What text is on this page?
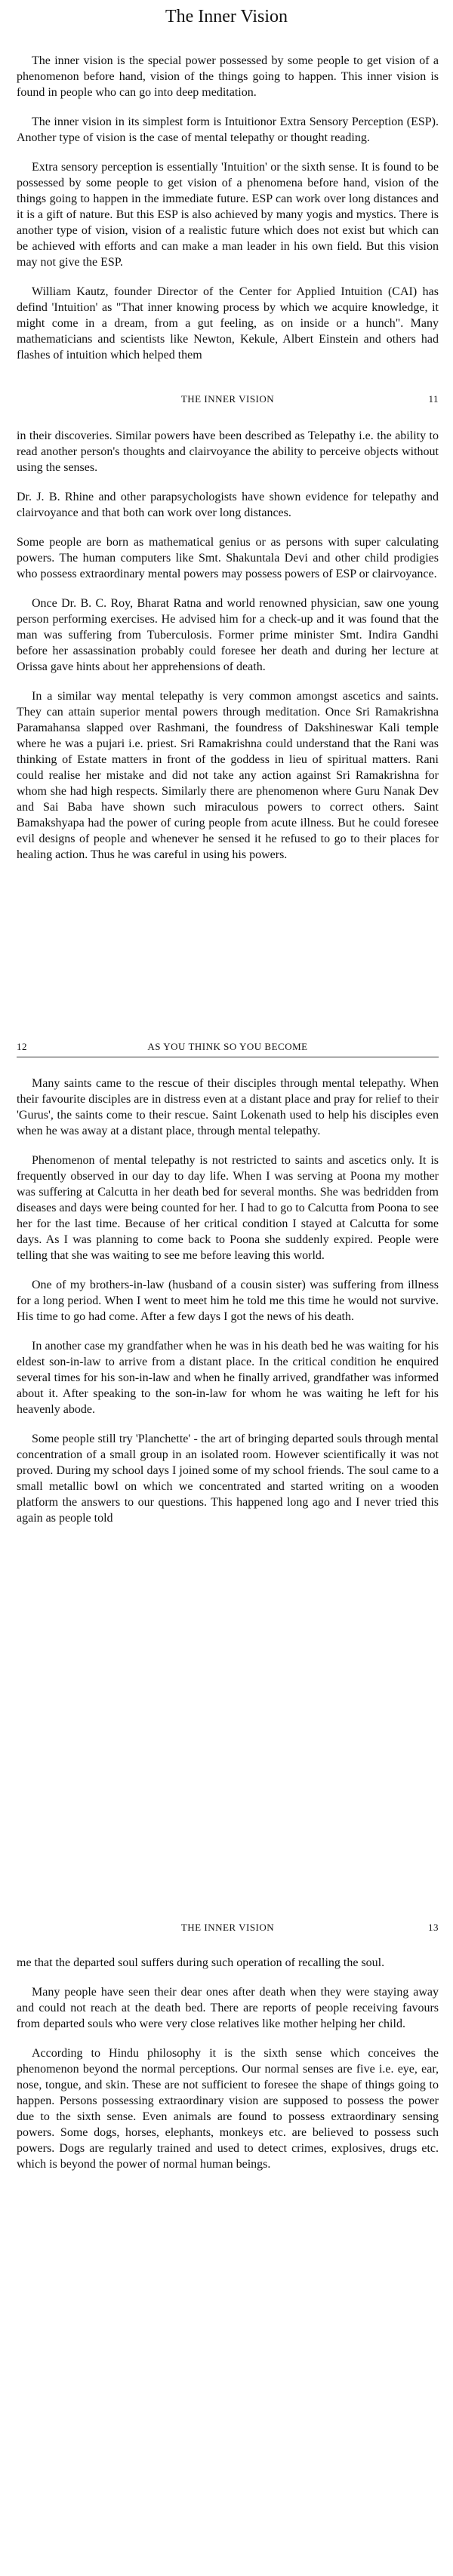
The Inner Vision

The inner vision is the special power possessed by some people to get vision of a phenomenon before hand, vision of the things going to happen. This inner vision is found in people who can go into deep meditation.

The inner vision in its simplest form is Intuitionor Extra Sensory Perception (ESP). Another type of vision is the case of mental telepathy or thought reading.

Extra sensory perception is essentially 'Intuition' or the sixth sense. It is found to be possessed by some people to get vision of a phenomena before hand, vision of the things going to happen in the immediate future. ESP can work over long distances and it is a gift of nature. But this ESP is also achieved by many yogis and mystics. There is another type of vision, vision of a realistic future which does not exist but which can be achieved with efforts and can make a man leader in his own field. But this vision may not give the ESP.

William Kautz, founder Director of the Center for Applied Intuition (CAI) has defind 'Intuition' as "That inner knowing process by which we acquire knowledge, it might come in a dream, from a gut feeling, as on inside or a hunch". Many mathematicians and scientists like Newton, Kekule, Albert Einstein and others had flashes of intuition which helped them

THE INNER VISION	11

in their discoveries. Similar powers have been described as Telepathy i.e. the ability to read another person's thoughts and clairvoyance the ability to perceive objects without using the senses.

Dr. J. B. Rhine and other parapsychologists have shown evidence for telepathy and clairvoyance and that both can work over long distances.

Some people are born as mathematical genius or as persons with super calculating powers. The human computers like Smt. Shakuntala Devi and other child prodigies who possess extraordinary mental powers may possess powers of ESP or clairvoyance.

Once Dr. B. C. Roy, Bharat Ratna and world renowned physician, saw one young person performing exercises. He advised him for a check-up and it was found that the man was suffering from Tuberculosis. Former prime minister Smt. Indira Gandhi before her assassination probably could foresee her death and during her lecture at Orissa gave hints about her apprehensions of death.

In a similar way mental telepathy is very common amongst ascetics and saints. They can attain superior mental powers through meditation. Once Sri Ramakrishna Paramahansa slapped over Rashmani, the foundress of Dakshineswar Kali temple where he was a pujari i.e. priest. Sri Ramakrishna could understand that the Rani was thinking of Estate matters in front of the goddess in lieu of spiritual matters. Rani could realise her mistake and did not take any action against Sri Ramakrishna for whom she had high respects. Similarly there are phenomenon where Guru Nanak Dev and Sai Baba have shown such miraculous powers to correct others. Saint Bamakshyapa had the power of curing people from acute illness. But he could foresee evil designs of people and whenever he sensed it he refused to go to their places for healing action. Thus he was careful in using his powers.

12	AS YOU THINK SO YOU BECOME

Many saints came to the rescue of their disciples through mental telepathy. When their favourite disciples are in distress even at a distant place and pray for relief to their 'Gurus', the saints come to their rescue. Saint Lokenath used to help his disciples even when he was away at a distant place, through mental telepathy.

Phenomenon of mental telepathy is not restricted to saints and ascetics only. It is frequently observed in our day to day life. When I was serving at Poona my mother was suffering at Calcutta in her death bed for several months. She was bedridden from diseases and days were being counted for her. I had to go to Calcutta from Poona to see her for the last time. Because of her critical condition I stayed at Calcutta for some days. As I was planning to come back to Poona she suddenly expired. People were telling that she was waiting to see me before leaving this world.

One of my brothers-in-law (husband of a cousin sister) was suffering from illness for a long period. When I went to meet him he told me this time he would not survive. His time to go had come. After a few days I got the news of his death.

In another case my grandfather when he was in his death bed he was waiting for his eldest son-in-law to arrive from a distant place. In the critical condition he enquired several times for his son-in-law and when he finally arrived, grandfather was informed about it. After speaking to the son-in-law for whom he was waiting he left for his heavenly abode.

Some people still try 'Planchette' - the art of bringing departed souls through mental concentration of a small group in an isolated room. However scientifically it was not proved. During my school days I joined some of my school friends. The soul came to a small metallic bowl on which we concentrated and started writing on a wooden platform the answers to our questions. This happened long ago and I never tried this again as people told

THE INNER VISION	13

me that the departed soul suffers during such operation of recalling the soul.

Many people have seen their dear ones after death when they were staying away and could not reach at the death bed. There are reports of people receiving favours from departed souls who were very close relatives like mother helping her child.

According to Hindu philosophy it is the sixth sense which conceives the phenomenon beyond the normal perceptions. Our normal senses are five i.e. eye, ear, nose, tongue, and skin. These are not sufficient to foresee the shape of things going to happen. Persons possessing extraordinary vision are supposed to possess the power due to the sixth sense. Even animals are found to possess extraordinary sensing powers. Some dogs, horses, elephants, monkeys etc. are believed to possess such powers. Dogs are regularly trained and used to detect crimes, explosives, drugs etc. which is beyond the power of normal human beings.
